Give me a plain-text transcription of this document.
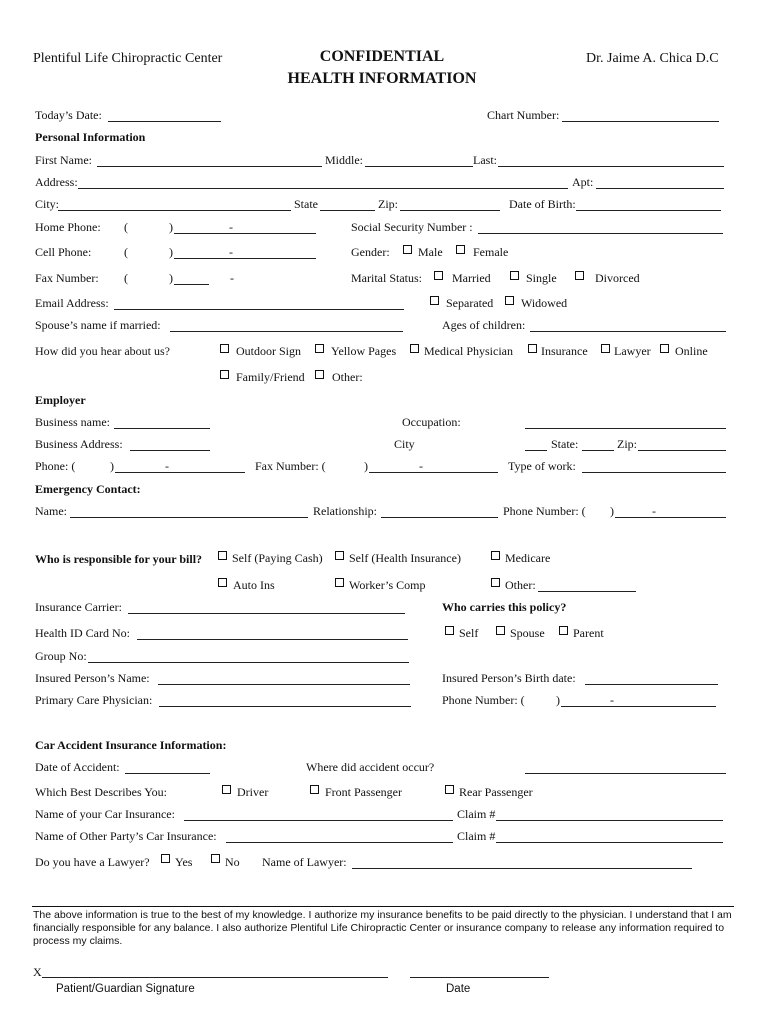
Plentiful Life Chiropractic Center	CONFIDENTIAL
HEALTH INFORMATION
Dr. Jaime A. Chica D.C
Today’s Date:	Chart Number:
Personal Information
First Name:	Middle:	Last:
Address:	Apt:
City:	State	Zip:	Date of Birth:
Home Phone: (	)	-	Social Security Number :
Cell Phone:	(	)	-	Gender: Male	Female
Fax Number: (	)	-	Marital Status:	Married	Single	Divorced
Email Address:	Separated Widowed
Spouse’s name if married:	Ages of children:
How did you hear about us?	Outdoor Sign Yellow Pages Medical Physician Insurance Lawyer Online
Family/Friend Other:
Employer
Business name:	Occupation:
Business Address:	City	State:	Zip:
Phone: (	)	-	Fax Number: (	)	-	Type of work:
Emergency Contact:
Name:	Relationship:	Phone Number: ( )	-
Who is responsible for your bill? Self (Paying Cash) Self (Health Insurance)	Medicare
Auto Ins	Worker’s Comp	Other:
Insurance Carrier:	Who carries this policy?
Health ID Card No:	Self	Spouse Parent
Group No:
Insured Person’s Name:	Insured Person’s Birth date:
Primary Care Physician:	Phone Number: (	)	-
Car Accident Insurance Information:
Date of Accident:	Where did accident occur?
Which Best Describes You:	Driver	Front Passenger	Rear Passenger
Name of your Car Insurance:	Claim #
Name of Other Party’s Car Insurance:	Claim #
Do you have a Lawyer? Yes	No Name of Lawyer:
The above information is true to the best of my knowledge. I authorize my insurance benefits to be paid directly to the physician. I understand that I am financially responsible for any balance. I also authorize Plentiful Life Chiropractic Center or insurance company to release any information required to process my claims.
X
Patient/Guardian Signature	Date
